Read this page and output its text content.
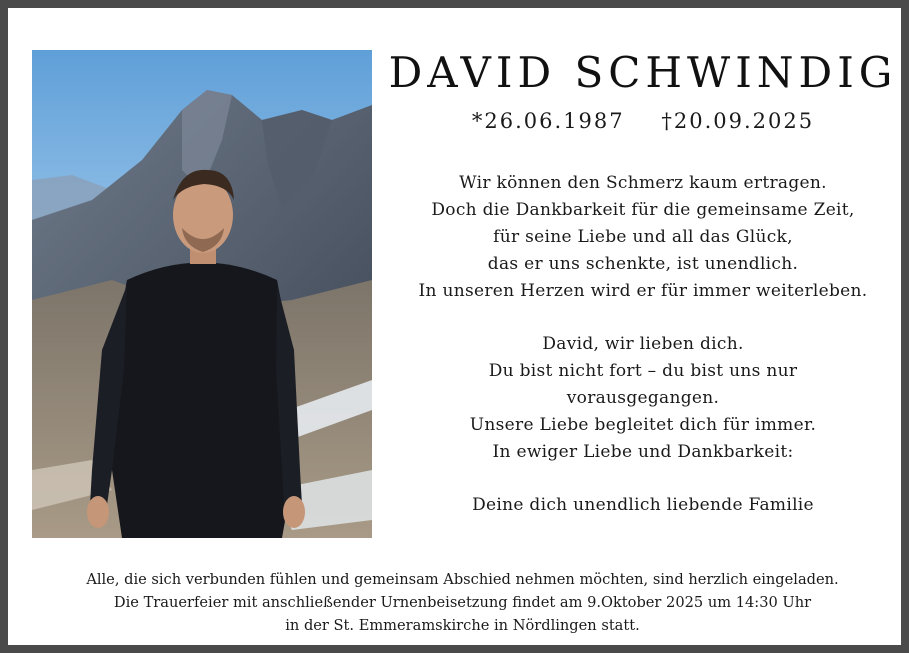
DAVID SCHWINDIG
*26.06.1987 †20.09.2025
Wir können den Schmerz kaum ertragen.
Doch die Dankbarkeit für die gemeinsame Zeit,
für seine Liebe und all das Glück,
das er uns schenkte, ist unendlich.
In unseren Herzen wird er für immer weiterleben.
David, wir lieben dich.
Du bist nicht fort – du bist uns nur
vorausgegangen.
Unsere Liebe begleitet dich für immer.
In ewiger Liebe und Dankbarkeit:
Deine dich unendlich liebende Familie
Alle, die sich verbunden fühlen und gemeinsam Abschied nehmen möchten, sind herzlich eingeladen.
Die Trauerfeier mit anschließender Urnenbeisetzung findet am 9.Oktober 2025 um 14:30 Uhr
in der St. Emmeramskirche in Nördlingen statt.
